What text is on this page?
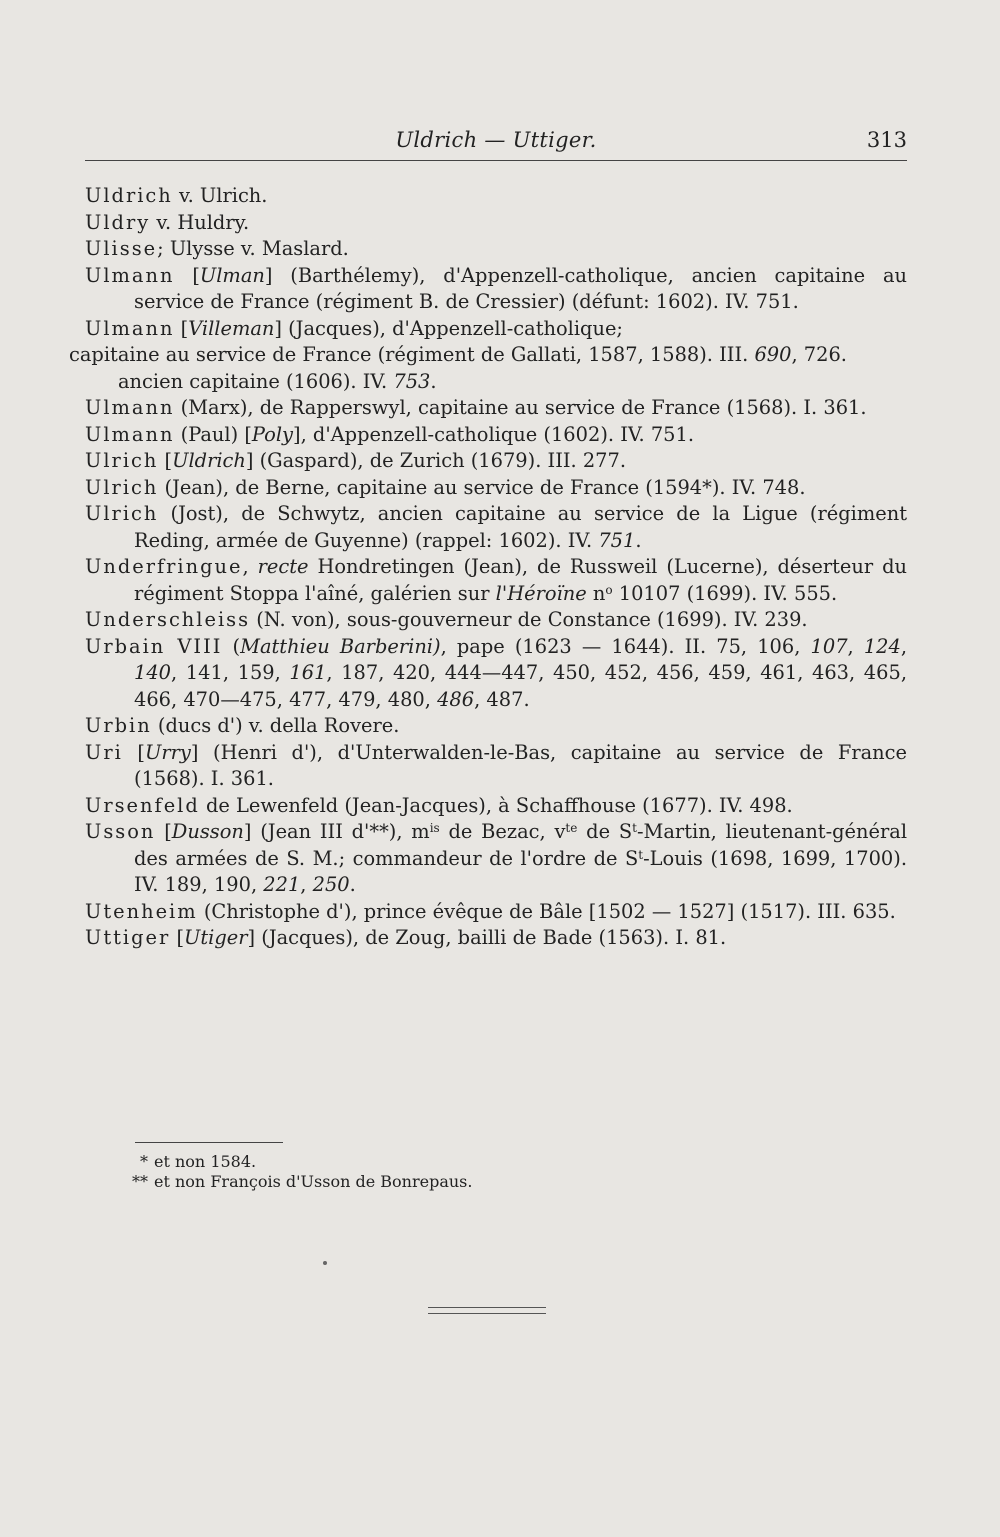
Uldrich — Uttiger.	313

Uldrich v. Ulrich.

Uldry v. Huldry.

Ulisse; Ulysse v. Maslard.

Ulmann [Ulman] (Barthélemy), d'Appenzell-catholique, ancien capitaine au service de France (régiment B. de Cressier) (défunt: 1602). IV. 751.

Ulmann [Villeman] (Jacques), d'Appenzell-catholique;

capitaine au service de France (régiment de Gallati, 1587, 1588). III. 690, 726.

ancien capitaine (1606). IV. 753.

Ulmann (Marx), de Rapperswyl, capitaine au service de France (1568). I. 361.

Ulmann (Paul) [Poly], d'Appenzell-catholique (1602). IV. 751.

Ulrich [Uldrich] (Gaspard), de Zurich (1679). III. 277.

Ulrich (Jean), de Berne, capitaine au service de France (1594*). IV. 748.

Ulrich (Jost), de Schwytz, ancien capitaine au service de la Ligue (régiment Reding, armée de Guyenne) (rappel: 1602). IV. 751.

Underfringue, recte Hondretingen (Jean), de Russweil (Lucerne), déserteur du régiment Stoppa l'aîné, galérien sur l'Héroïne $n^o$ 10107 (1699). IV. 555.

Underschleiss (N. von), sous-gouverneur de Constance (1699). IV. 239.

Urbain VIII (Matthieu Barberini), pape (1623 — 1644). II. 75, 106, 107, 124, 140, 141, 159, 161, 187, 420, 444—447, 450, 452, 456, 459, 461, 463, 465, 466, 470—475, 477, 479, 480, 486, 487.

Urbin (ducs d') v. della Rovere.

Uri [Urry] (Henri d'), d'Unterwalden-le-Bas, capitaine au service de France (1568). I. 361.

Ursenfeld de Lewenfeld (Jean-Jacques), à Schaffhouse (1677). IV. 498.

Usson [Dusson] (Jean III d'**), $m^{is}$ de Bezac, $v^{te}$ de $S^t$-Martin, lieutenant-général des armées de S. M.; commandeur de l'ordre de $S^t$-Louis (1698, 1699, 1700). IV. 189, 190, 221, 250.

Utenheim (Christophe d'), prince évêque de Bâle [1502 — 1527] (1517). III. 635.

Uttiger [Utiger] (Jacques), de Zoug, bailli de Bade (1563). I. 81.

* et non 1584.
** et non François d'Usson de Bonrepaus.
